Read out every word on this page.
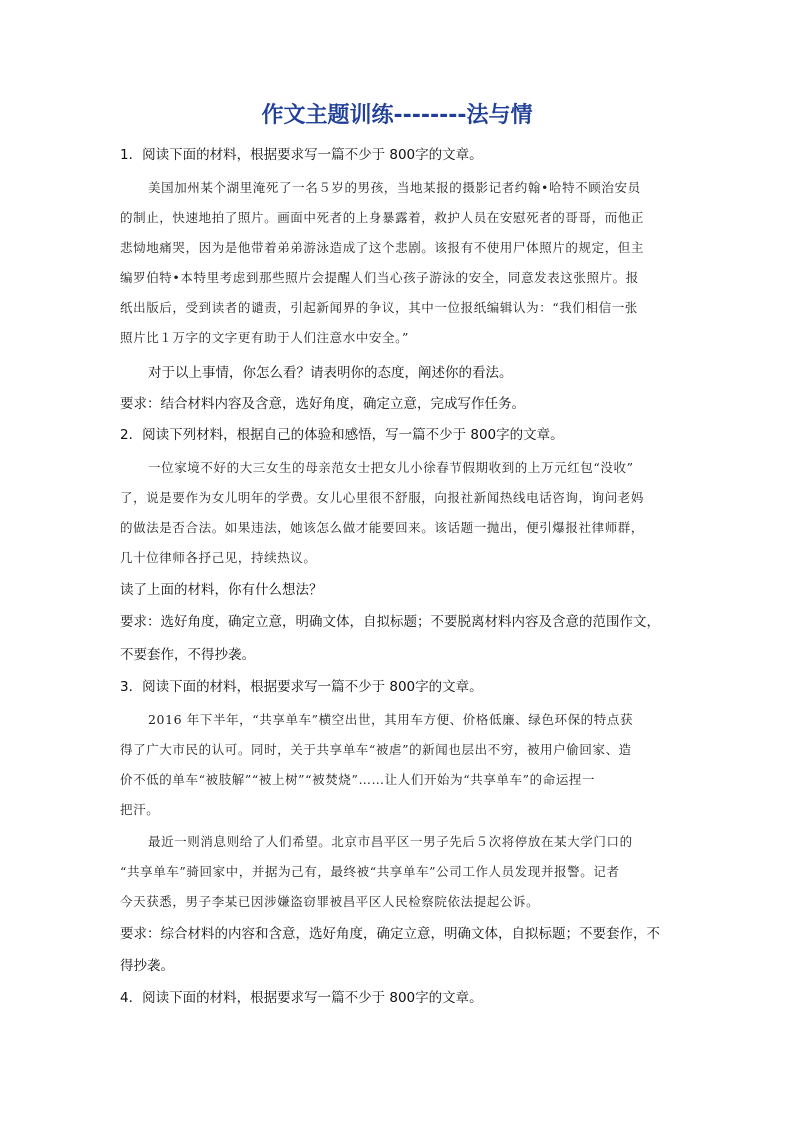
作文主题训练--------法与情
1．阅读下面的材料，根据要求写一篇不少于 800字的文章。
美国加州某个湖里淹死了一名５岁的男孩，当地某报的摄影记者约翰•哈特不顾治安员
的制止，快速地拍了照片。画面中死者的上身暴露着，救护人员在安慰死者的哥哥，而他正
悲恸地痛哭，因为是他带着弟弟游泳造成了这个悲剧。该报有不使用尸体照片的规定，但主
编罗伯特•本特里考虑到那些照片会提醒人们当心孩子游泳的安全，同意发表这张照片。报
纸出版后，受到读者的谴责，引起新闻界的争议，其中一位报纸编辑认为：“我们相信一张
照片比１万字的文字更有助于人们注意水中安全。”
对于以上事情，你怎么看？请表明你的态度，阐述你的看法。
要求：结合材料内容及含意，选好角度，确定立意，完成写作任务。
2．阅读下列材料，根据自己的体验和感悟，写一篇不少于 800字的文章。
一位家境不好的大三女生的母亲范女士把女儿小徐春节假期收到的上万元红包“没收”
了，说是要作为女儿明年的学费。女儿心里很不舒服，向报社新闻热线电话咨询，询问老妈
的做法是否合法。如果违法，她该怎么做才能要回来。该话题一抛出，便引爆报社律师群，
几十位律师各抒己见，持续热议。
读了上面的材料，你有什么想法？
要求：选好角度，确定立意，明确文体，自拟标题；不要脱离材料内容及含意的范围作文，
不要套作，不得抄袭。
3．阅读下面的材料，根据要求写一篇不少于 800字的文章。
2016 年下半年，“共享单车”横空出世，其用车方便、价格低廉、绿色环保的特点获
得了广大市民的认可。同时，关于共享单车“被虐”的新闻也层出不穷，被用户偷回家、造
价不低的单车“被肢解”“被上树”“被焚烧”……让人们开始为“共享单车”的命运捏一
把汗。
最近一则消息则给了人们希望。北京市昌平区一男子先后５次将停放在某大学门口的
“共享单车”骑回家中，并据为己有，最终被“共享单车”公司工作人员发现并报警。记者
今天获悉，男子李某已因涉嫌盗窃罪被昌平区人民检察院依法提起公诉。
要求：综合材料的内容和含意，选好角度，确定立意，明确文体，自拟标题；不要套作，不
得抄袭。
4．阅读下面的材料，根据要求写一篇不少于 800字的文章。
